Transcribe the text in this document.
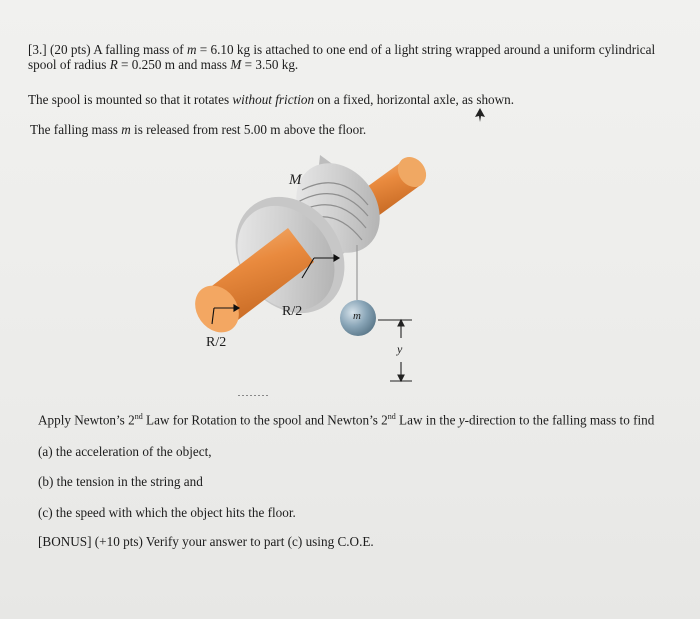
[3.] (20 pts) A falling mass of m = 6.10 kg is attached to one end of a light string wrapped around a uniform cylindrical
spool of radius R = 0.250 m and mass M = 3.50 kg.
The spool is mounted so that it rotates without friction on a fixed, horizontal axle, as shown.
The falling mass m is released from rest 5.00 m above the floor.
M
R/2
R/2
m
y
Apply Newton’s 2nd Law for Rotation to the spool and Newton’s 2nd Law in the y-direction to the falling mass to find
(a) the acceleration of the object,
(b) the tension in the string and
(c) the speed with which the object hits the floor.
[BONUS] (+10 pts) Verify your answer to part (c) using C.O.E.
